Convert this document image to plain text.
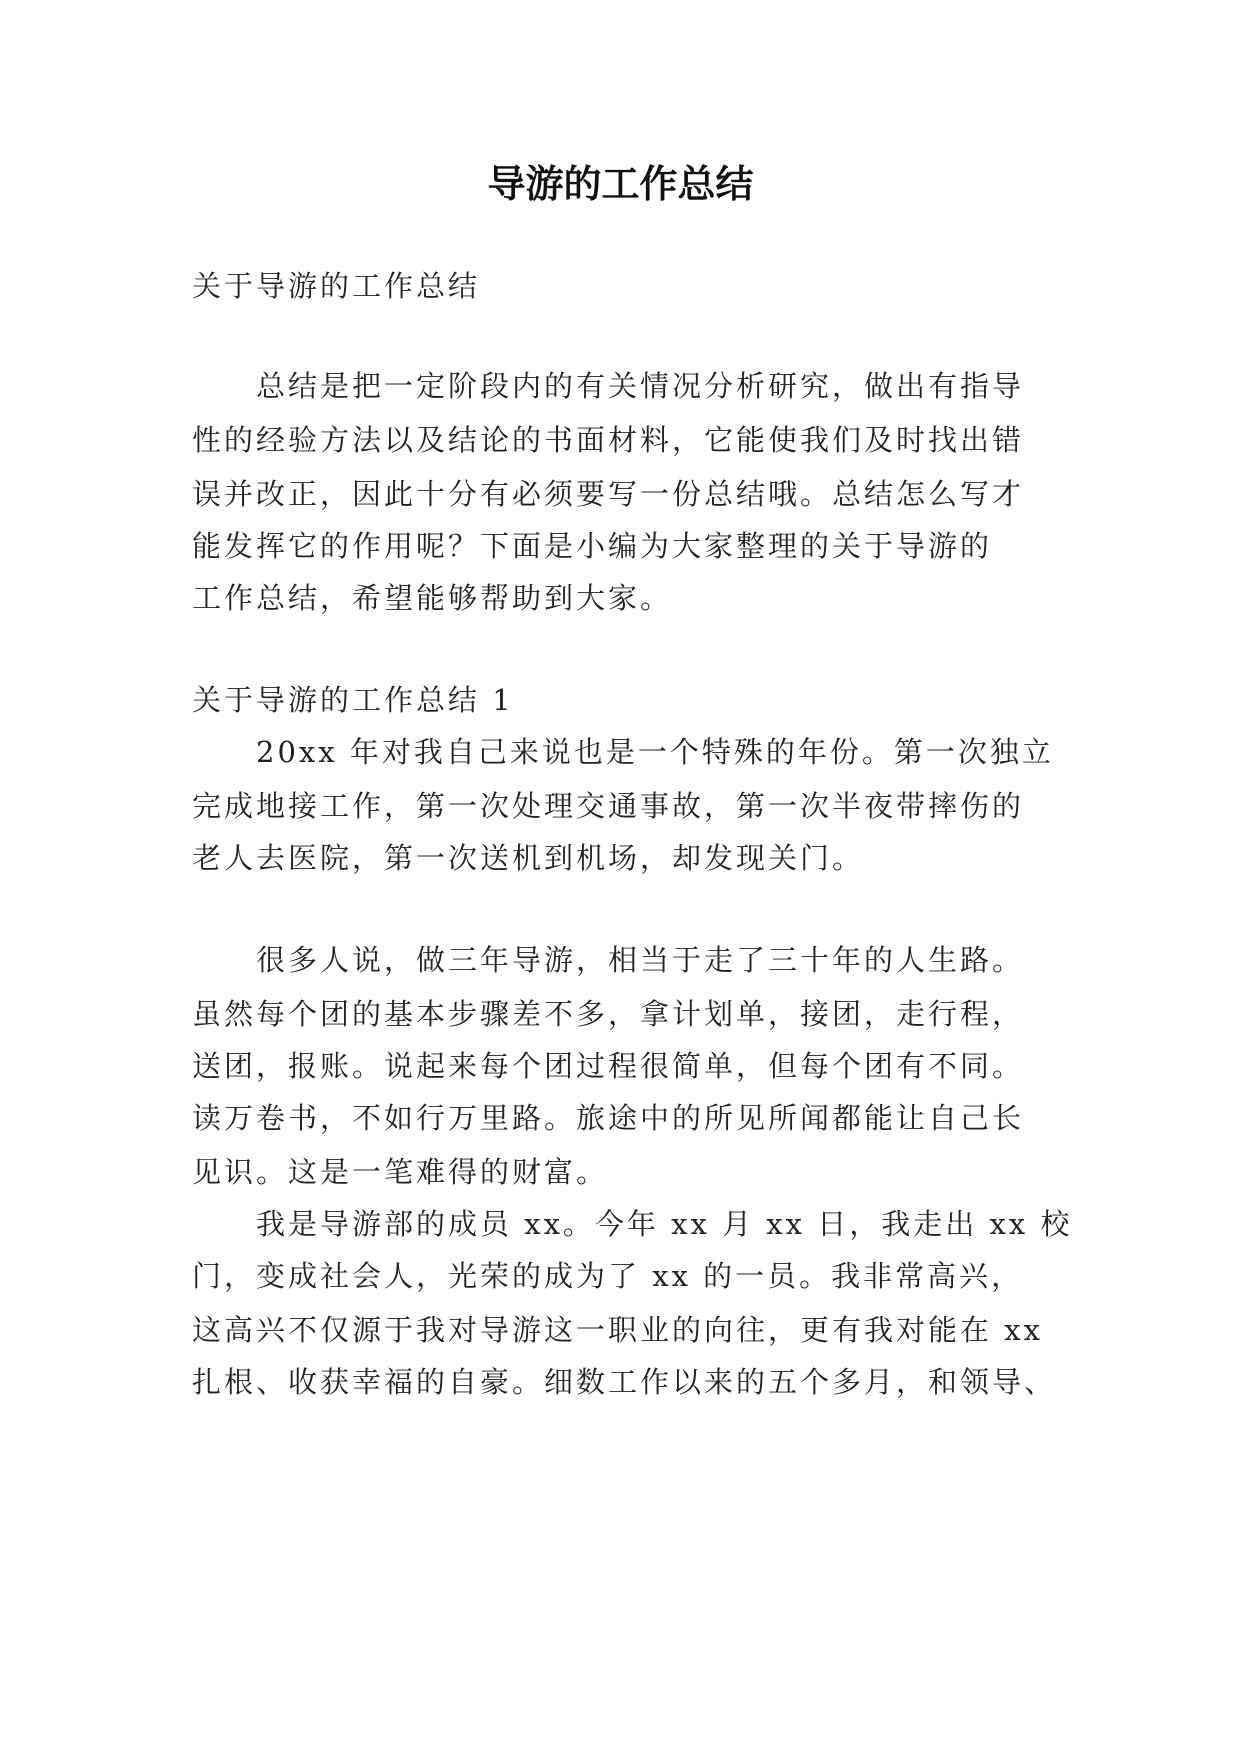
导游的工作总结

关于导游的工作总结

总结是把一定阶段内的有关情况分析研究，做出有指导

性的经验方法以及结论的书面材料，它能使我们及时找出错

误并改正，因此十分有必须要写一份总结哦。总结怎么写才

能发挥它的作用呢？下面是小编为大家整理的关于导游的

工作总结，希望能够帮助到大家。

关于导游的工作总结 1

20xx 年对我自己来说也是一个特殊的年份。第一次独立

完成地接工作，第一次处理交通事故，第一次半夜带摔伤的

老人去医院，第一次送机到机场，却发现关门。

很多人说，做三年导游，相当于走了三十年的人生路。

虽然每个团的基本步骤差不多，拿计划单，接团，走行程，

送团，报账。说起来每个团过程很简单，但每个团有不同。

读万卷书，不如行万里路。旅途中的所见所闻都能让自己长

见识。这是一笔难得的财富。

我是导游部的成员 xx。今年 xx 月 xx 日，我走出 xx 校

门，变成社会人，光荣的成为了 xx 的一员。我非常高兴，

这高兴不仅源于我对导游这一职业的向往，更有我对能在 xx

扎根、收获幸福的自豪。细数工作以来的五个多月，和领导、
